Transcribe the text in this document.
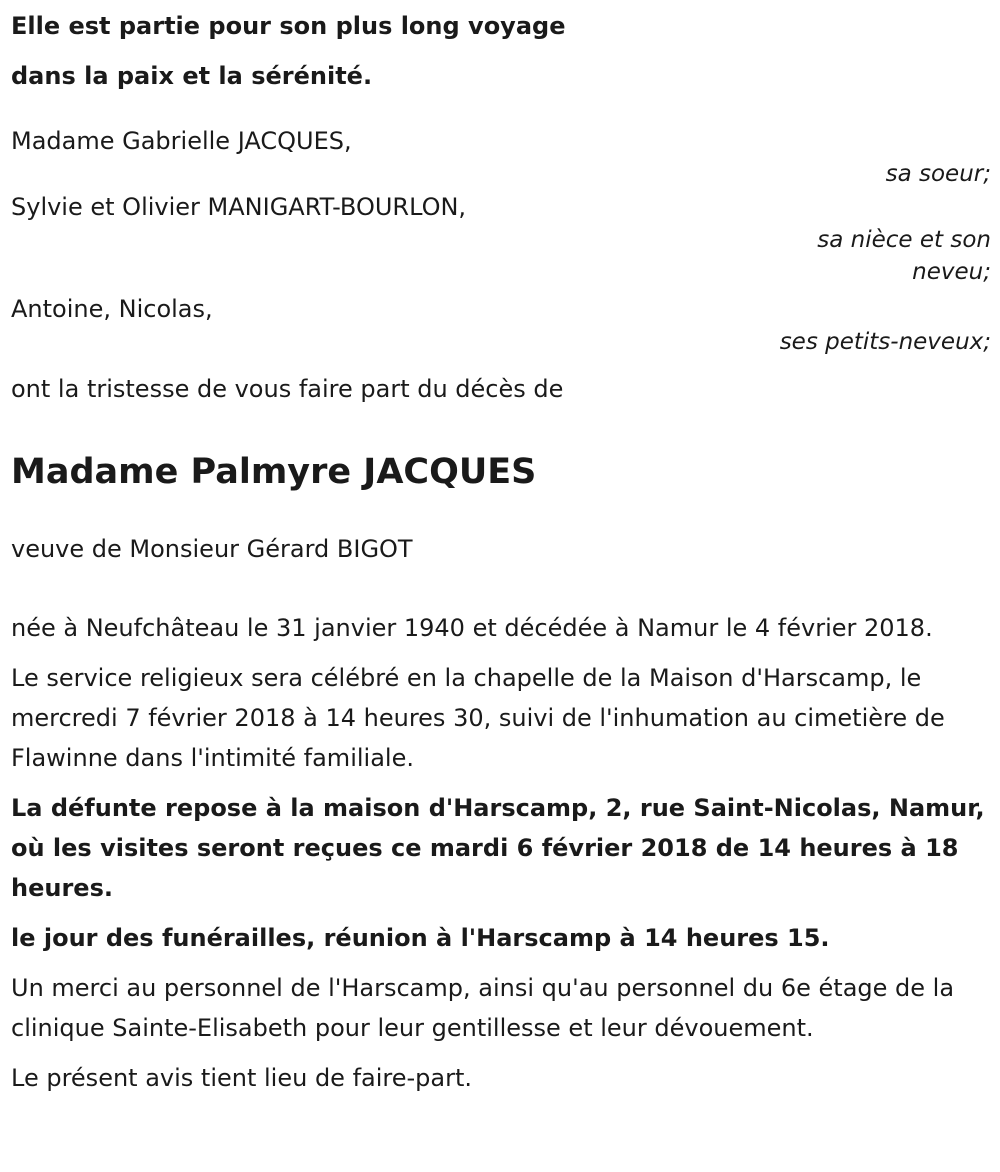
Elle est partie pour son plus long voyage
dans la paix et la sérénité.
Madame Gabrielle JACQUES,
sa soeur;
Sylvie et Olivier MANIGART-BOURLON,
sa nièce et son neveu;
Antoine, Nicolas,
ses petits-neveux;
ont la tristesse de vous faire part du décès de
Madame Palmyre JACQUES
veuve de Monsieur Gérard BIGOT

née à Neufchâteau le 31 janvier 1940 et décédée à Namur le 4 février 2018.

Le service religieux sera célébré en la chapelle de la Maison d'Harscamp, le mercredi 7 février 2018 à 14 heures 30, suivi de l'inhumation au cimetière de Flawinne dans l'intimité familiale.

La défunte repose à la maison d'Harscamp, 2, rue Saint-Nicolas, Namur, où les visites seront reçues ce mardi 6 février 2018 de 14 heures à 18 heures.

le jour des funérailles, réunion à l'Harscamp à 14 heures 15.

Un merci au personnel de l'Harscamp, ainsi qu'au personnel du 6e étage de la clinique Sainte-Elisabeth pour leur gentillesse et leur dévouement.

Le présent avis tient lieu de faire-part.
